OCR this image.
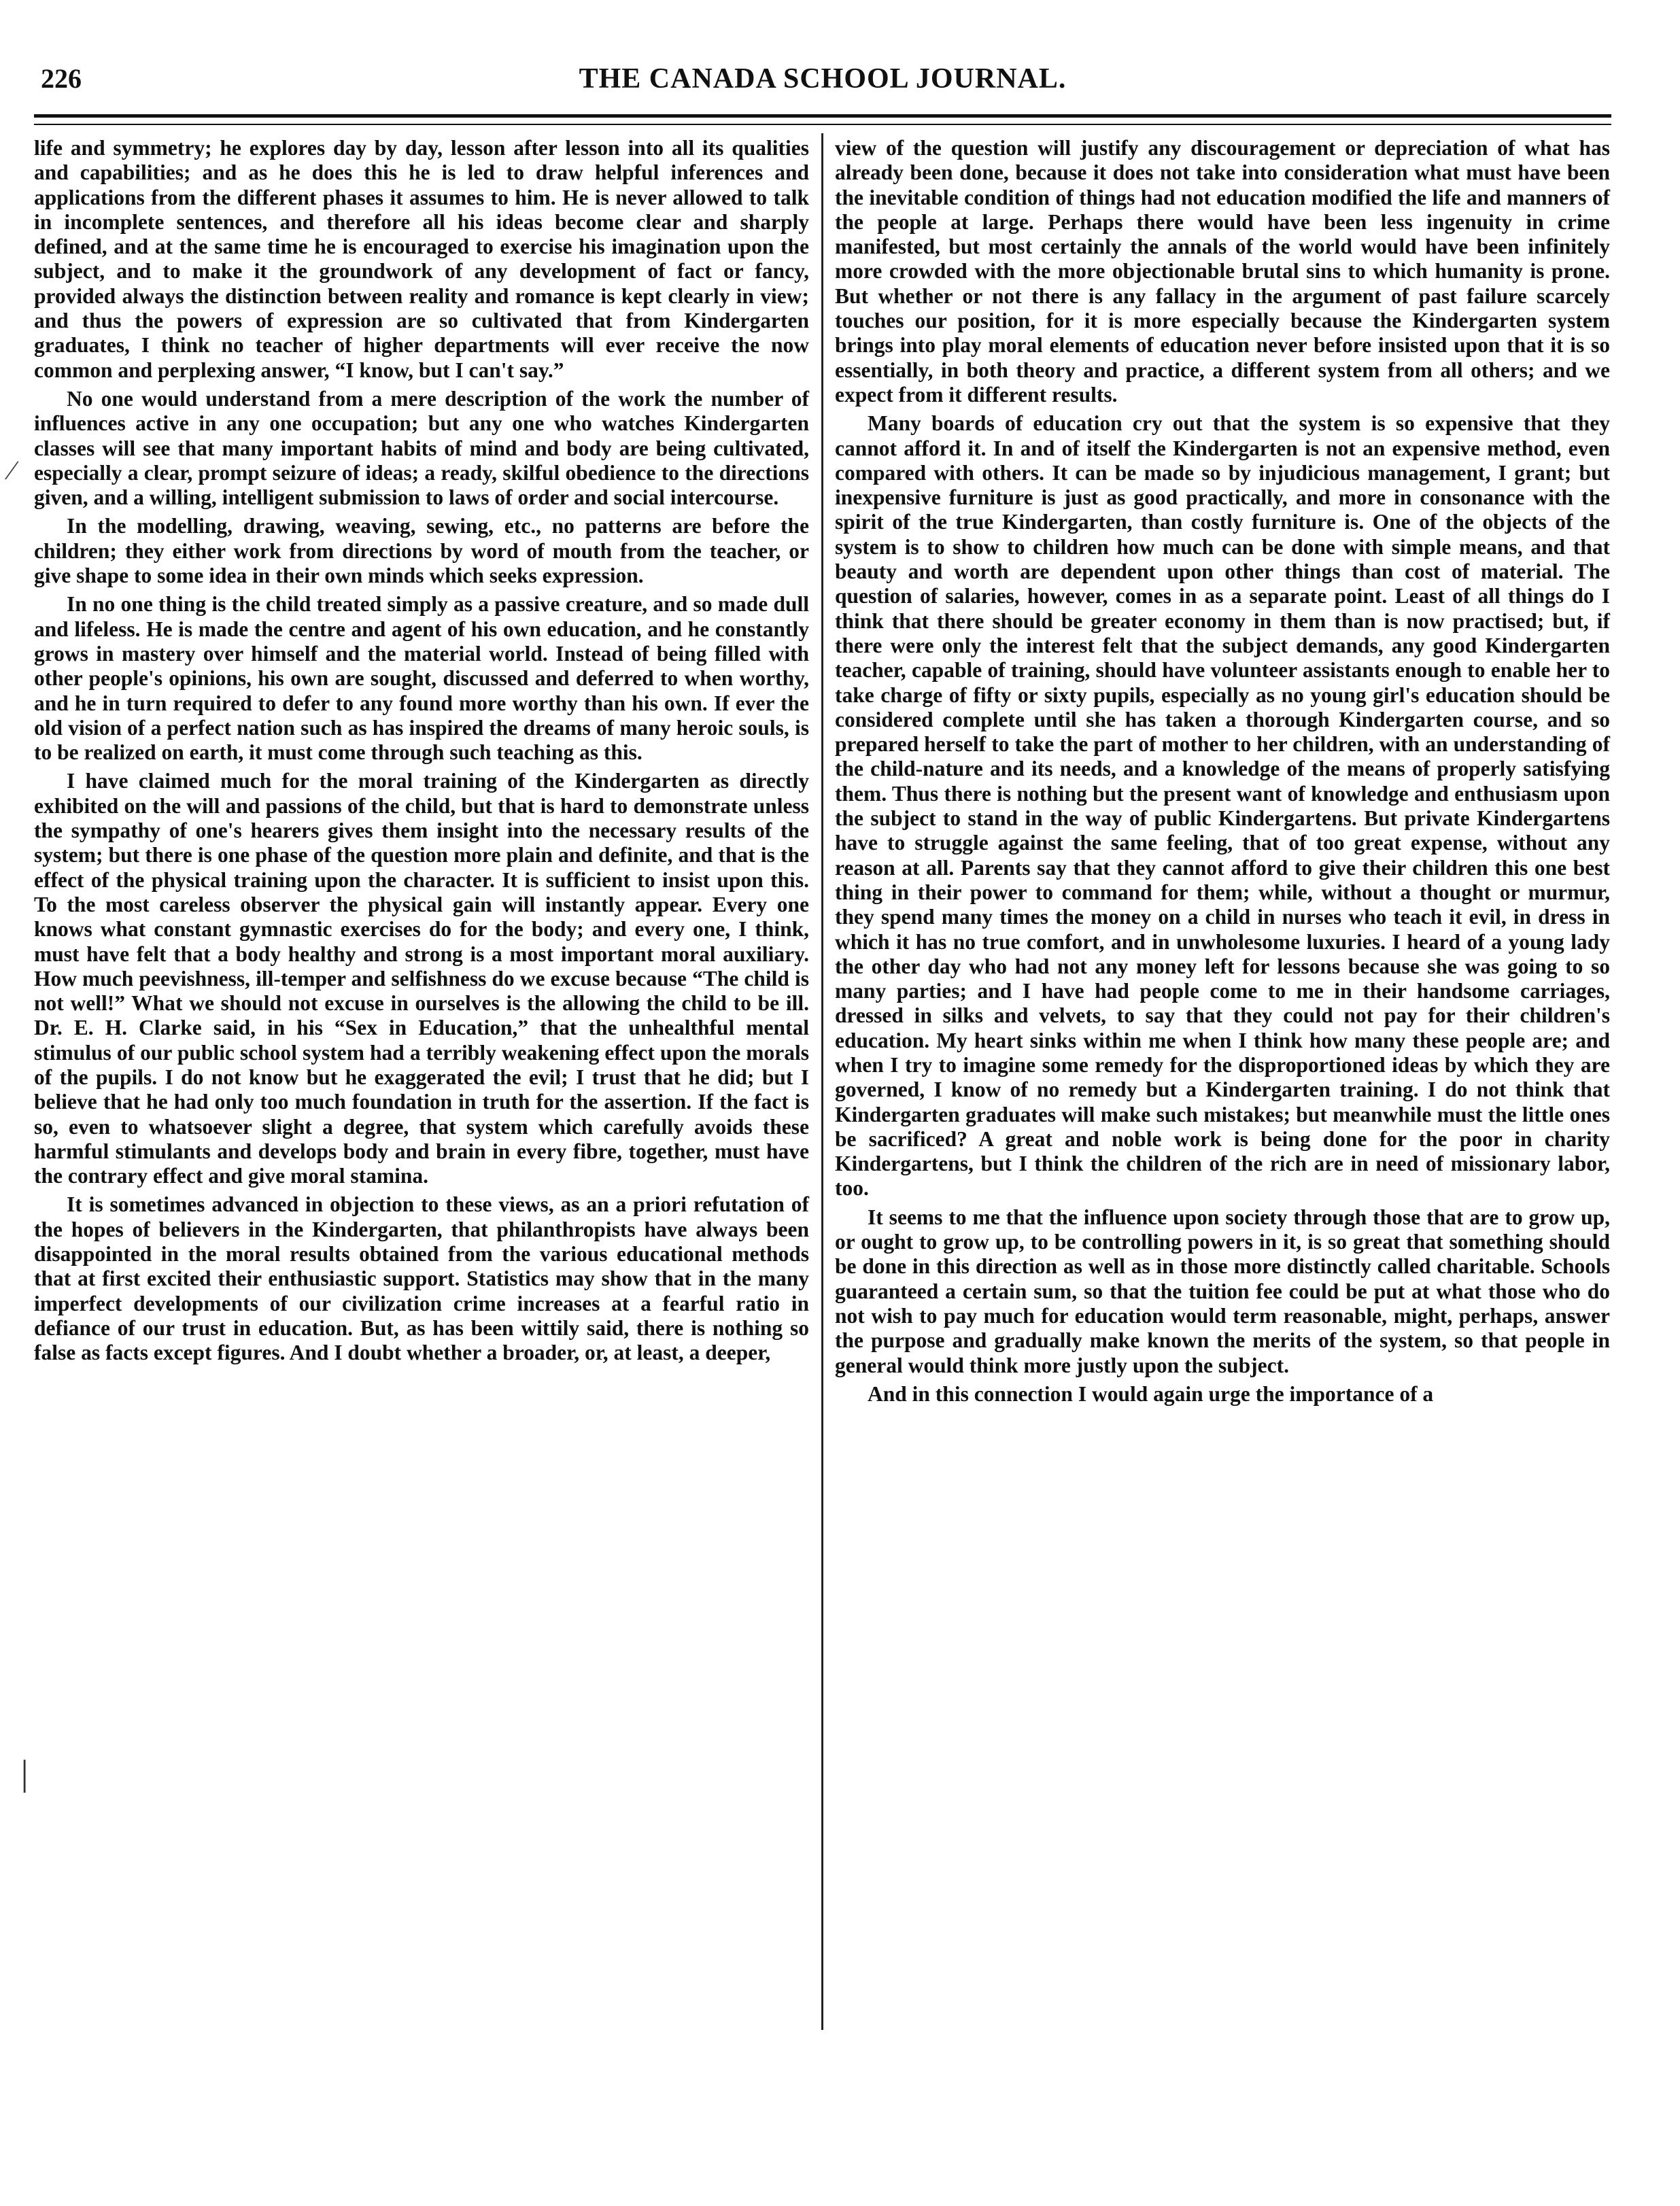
226	THE CANADA SCHOOL JOURNAL.

life and symmetry; he explores day by day, lesson after lesson into all its qualities and capabilities; and as he does this he is led to draw helpful inferences and applications from the different phases it assumes to him. He is never allowed to talk in incomplete sentences, and therefore all his ideas become clear and sharply defined, and at the same time he is encouraged to exercise his imagination upon the subject, and to make it the groundwork of any development of fact or fancy, provided always the distinction between reality and romance is kept clearly in view; and thus the powers of expression are so cultivated that from Kindergarten graduates, I think no teacher of higher departments will ever receive the now common and perplexing answer, “I know, but I can't say.”

No one would understand from a mere description of the work the number of influences active in any one occupation; but any one who watches Kindergarten classes will see that many important habits of mind and body are being cultivated, especially a clear, prompt seizure of ideas; a ready, skilful obedience to the directions given, and a willing, intelligent submission to laws of order and social intercourse.

In the modelling, drawing, weaving, sewing, etc., no patterns are before the children; they either work from directions by word of mouth from the teacher, or give shape to some idea in their own minds which seeks expression.

In no one thing is the child treated simply as a passive creature, and so made dull and lifeless. He is made the centre and agent of his own education, and he constantly grows in mastery over himself and the material world. Instead of being filled with other people's opinions, his own are sought, discussed and deferred to when worthy, and he in turn required to defer to any found more worthy than his own. If ever the old vision of a perfect nation such as has inspired the dreams of many heroic souls, is to be realized on earth, it must come through such teaching as this.

I have claimed much for the moral training of the Kindergarten as directly exhibited on the will and passions of the child, but that is hard to demonstrate unless the sympathy of one's hearers gives them insight into the necessary results of the system; but there is one phase of the question more plain and definite, and that is the effect of the physical training upon the character. It is sufficient to insist upon this. To the most careless observer the physical gain will instantly appear. Every one knows what constant gymnastic exercises do for the body; and every one, I think, must have felt that a body healthy and strong is a most important moral auxiliary. How much peevishness, ill-temper and selfishness do we excuse because “The child is not well!” What we should not excuse in ourselves is the allowing the child to be ill. Dr. E. H. Clarke said, in his “Sex in Education,” that the unhealthful mental stimulus of our public school system had a terribly weakening effect upon the morals of the pupils. I do not know but he exaggerated the evil; I trust that he did; but I believe that he had only too much foundation in truth for the assertion. If the fact is so, even to whatsoever slight a degree, that system which carefully avoids these harmful stimulants and develops body and brain in every fibre, together, must have the contrary effect and give moral stamina.

It is sometimes advanced in objection to these views, as an a priori refutation of the hopes of believers in the Kindergarten, that philanthropists have always been disappointed in the moral results obtained from the various educational methods that at first excited their enthusiastic support. Statistics may show that in the many imperfect developments of our civilization crime increases at a fearful ratio in defiance of our trust in education. But, as has been wittily said, there is nothing so false as facts except figures. And I doubt whether a broader, or, at least, a deeper,

view of the question will justify any discouragement or depreciation of what has already been done, because it does not take into consideration what must have been the inevitable condition of things had not education modified the life and manners of the people at large. Perhaps there would have been less ingenuity in crime manifested, but most certainly the annals of the world would have been infinitely more crowded with the more objectionable brutal sins to which humanity is prone. But whether or not there is any fallacy in the argument of past failure scarcely touches our position, for it is more especially because the Kindergarten system brings into play moral elements of education never before insisted upon that it is so essentially, in both theory and practice, a different system from all others; and we expect from it different results.

Many boards of education cry out that the system is so expensive that they cannot afford it. In and of itself the Kindergarten is not an expensive method, even compared with others. It can be made so by injudicious management, I grant; but inexpensive furniture is just as good practically, and more in consonance with the spirit of the true Kindergarten, than costly furniture is. One of the objects of the system is to show to children how much can be done with simple means, and that beauty and worth are dependent upon other things than cost of material. The question of salaries, however, comes in as a separate point. Least of all things do I think that there should be greater economy in them than is now practised; but, if there were only the interest felt that the subject demands, any good Kindergarten teacher, capable of training, should have volunteer assistants enough to enable her to take charge of fifty or sixty pupils, especially as no young girl's education should be considered complete until she has taken a thorough Kindergarten course, and so prepared herself to take the part of mother to her children, with an understanding of the child-nature and its needs, and a knowledge of the means of properly satisfying them. Thus there is nothing but the present want of knowledge and enthusiasm upon the subject to stand in the way of public Kindergartens. But private Kindergartens have to struggle against the same feeling, that of too great expense, without any reason at all. Parents say that they cannot afford to give their children this one best thing in their power to command for them; while, without a thought or murmur, they spend many times the money on a child in nurses who teach it evil, in dress in which it has no true comfort, and in unwholesome luxuries. I heard of a young lady the other day who had not any money left for lessons because she was going to so many parties; and I have had people come to me in their handsome carriages, dressed in silks and velvets, to say that they could not pay for their children's education. My heart sinks within me when I think how many these people are; and when I try to imagine some remedy for the disproportioned ideas by which they are governed, I know of no remedy but a Kindergarten training. I do not think that Kindergarten graduates will make such mistakes; but meanwhile must the little ones be sacrificed? A great and noble work is being done for the poor in charity Kindergartens, but I think the children of the rich are in need of missionary labor, too.

It seems to me that the influence upon society through those that are to grow up, or ought to grow up, to be controlling powers in it, is so great that something should be done in this direction as well as in those more distinctly called charitable. Schools guaranteed a certain sum, so that the tuition fee could be put at what those who do not wish to pay much for education would term reasonable, might, perhaps, answer the purpose and gradually make known the merits of the system, so that people in general would think more justly upon the subject.

And in this connection I would again urge the importance of a

∕
│
